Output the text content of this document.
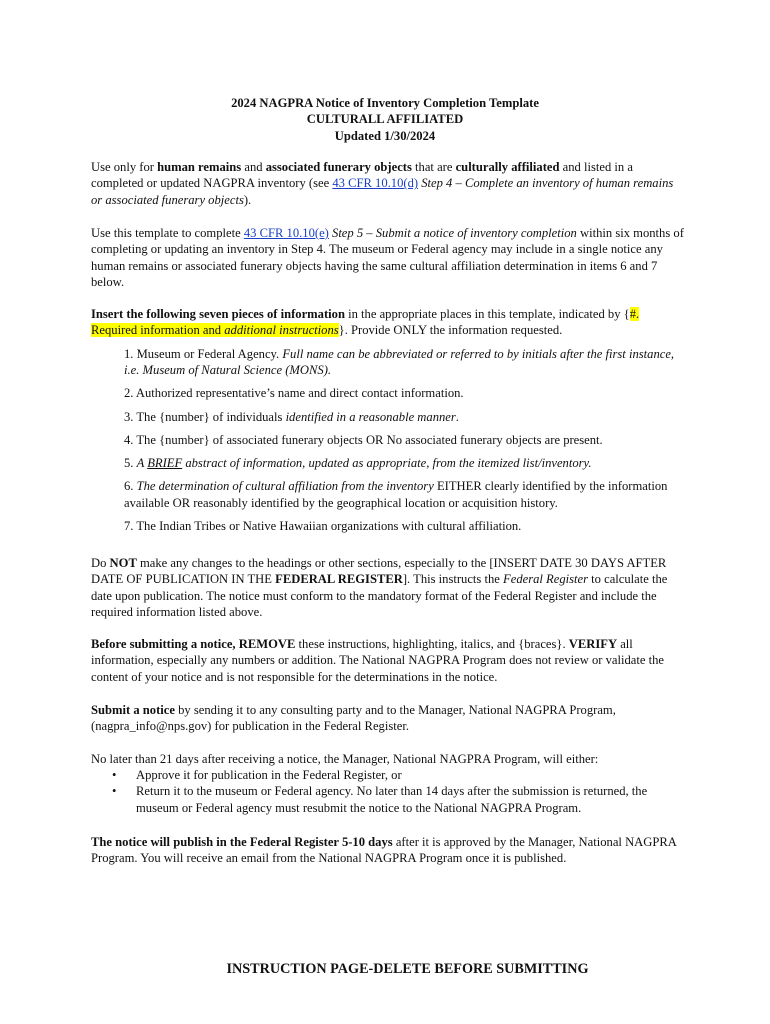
2024 NAGPRA Notice of Inventory Completion Template
CULTURALL AFFILIATED
Updated 1/30/2024

Use only for human remains and associated funerary objects that are culturally affiliated and listed in a completed or updated NAGPRA inventory (see 43 CFR 10.10(d) Step 4 – Complete an inventory of human remains or associated funerary objects).

Use this template to complete 43 CFR 10.10(e) Step 5 – Submit a notice of inventory completion within six months of completing or updating an inventory in Step 4. The museum or Federal agency may include in a single notice any human remains or associated funerary objects having the same cultural affiliation determination in items 6 and 7 below.

Insert the following seven pieces of information in the appropriate places in this template, indicated by {#. Required information and additional instructions}. Provide ONLY the information requested.

1. Museum or Federal Agency. Full name can be abbreviated or referred to by initials after the first instance, i.e. Museum of Natural Science (MONS).
2. Authorized representative’s name and direct contact information.
3. The {number} of individuals identified in a reasonable manner.
4. The {number} of associated funerary objects OR No associated funerary objects are present.
5. A BRIEF abstract of information, updated as appropriate, from the itemized list/inventory.
6. The determination of cultural affiliation from the inventory EITHER clearly identified by the information available OR reasonably identified by the geographical location or acquisition history.
7. The Indian Tribes or Native Hawaiian organizations with cultural affiliation.

Do NOT make any changes to the headings or other sections, especially to the [INSERT DATE 30 DAYS AFTER DATE OF PUBLICATION IN THE FEDERAL REGISTER]. This instructs the Federal Register to calculate the date upon publication. The notice must conform to the mandatory format of the Federal Register and include the required information listed above.

Before submitting a notice, REMOVE these instructions, highlighting, italics, and {braces}. VERIFY all information, especially any numbers or addition. The National NAGPRA Program does not review or validate the content of your notice and is not responsible for the determinations in the notice.

Submit a notice by sending it to any consulting party and to the Manager, National NAGPRA Program, (nagpra_info@nps.gov) for publication in the Federal Register.

No later than 21 days after receiving a notice, the Manager, National NAGPRA Program, will either:

• Approve it for publication in the Federal Register, or
• Return it to the museum or Federal agency. No later than 14 days after the submission is returned, the museum or Federal agency must resubmit the notice to the National NAGPRA Program.

The notice will publish in the Federal Register 5-10 days after it is approved by the Manager, National NAGPRA Program. You will receive an email from the National NAGPRA Program once it is published.

INSTRUCTION PAGE-DELETE BEFORE SUBMITTING
